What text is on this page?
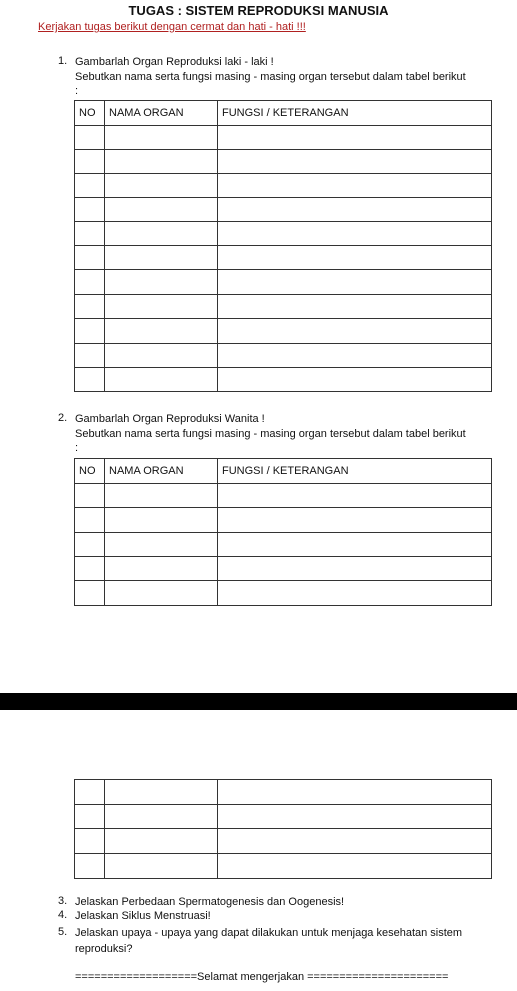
TUGAS : SISTEM REPRODUKSI MANUSIA
Kerjakan tugas berikut dengan cermat dan hati - hati !!!
1. Gambarlah Organ Reproduksi laki - laki !
Sebutkan nama serta fungsi masing - masing organ tersebut dalam tabel berikut
:
NO	NAMA ORGAN	FUNGSI / KETERANGAN

2. Gambarlah Organ Reproduksi Wanita !
Sebutkan nama serta fungsi masing - masing organ tersebut dalam tabel berikut
:
NO	NAMA ORGAN	FUNGSI / KETERANGAN

3. Jelaskan Perbedaan Spermatogenesis dan Oogenesis!
4. Jelaskan Siklus Menstruasi!
5. Jelaskan upaya - upaya yang dapat dilakukan untuk menjaga kesehatan sistem
reproduksi?
===================Selamat mengerjakan ======================
